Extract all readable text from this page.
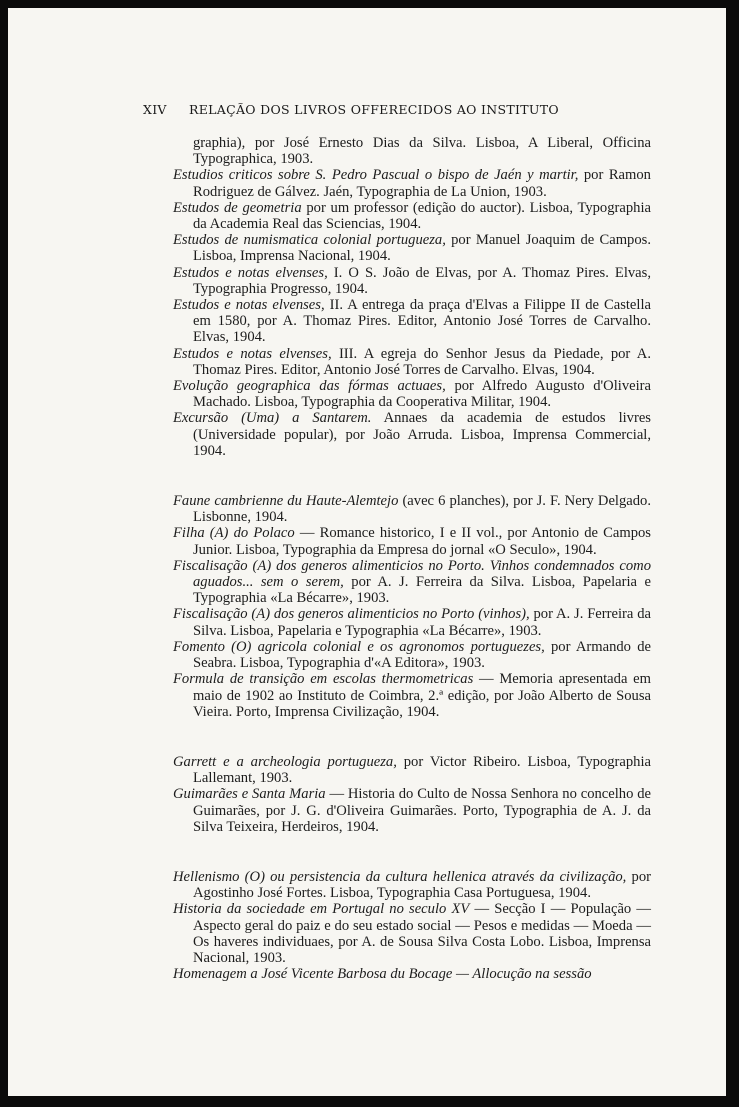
XIV RELAÇÃO DOS LIVROS OFFERECIDOS AO INSTITUTO

graphia), por José Ernesto Dias da Silva. Lisboa, A Liberal, Officina Typographica, 1903.

Estudios criticos sobre S. Pedro Pascual o bispo de Jaén y martir, por Ramon Rodriguez de Gálvez. Jaén, Typographia de La Union, 1903.

Estudos de geometria por um professor (edição do auctor). Lisboa, Typographia da Academia Real das Sciencias, 1904.

Estudos de numismatica colonial portugueza, por Manuel Joaquim de Campos. Lisboa, Imprensa Nacional, 1904.

Estudos e notas elvenses, I. O S. João de Elvas, por A. Thomaz Pires. Elvas, Typographia Progresso, 1904.

Estudos e notas elvenses, II. A entrega da praça d'Elvas a Filippe II de Castella em 1580, por A. Thomaz Pires. Editor, Antonio José Torres de Carvalho. Elvas, 1904.

Estudos e notas elvenses, III. A egreja do Senhor Jesus da Piedade, por A. Thomaz Pires. Editor, Antonio José Torres de Carvalho. Elvas, 1904.

Evolução geographica das fórmas actuaes, por Alfredo Augusto d'Oliveira Machado. Lisboa, Typographia da Cooperativa Militar, 1904.

Excursão (Uma) a Santarem. Annaes da academia de estudos livres (Universidade popular), por João Arruda. Lisboa, Imprensa Commercial, 1904.

Faune cambrienne du Haute-Alemtejo (avec 6 planches), por J. F. Nery Delgado. Lisbonne, 1904.

Filha (A) do Polaco — Romance historico, I e II vol., por Antonio de Campos Junior. Lisboa, Typographia da Empresa do jornal «O Seculo», 1904.

Fiscalisação (A) dos generos alimenticios no Porto. Vinhos condemnados como aguados... sem o serem, por A. J. Ferreira da Silva. Lisboa, Papelaria e Typographia «La Bécarre», 1903.

Fiscalisação (A) dos generos alimenticios no Porto (vinhos), por A. J. Ferreira da Silva. Lisboa, Papelaria e Typographia «La Bécarre», 1903.

Fomento (O) agricola colonial e os agronomos portuguezes, por Armando de Seabra. Lisboa, Typographia d'«A Editora», 1903.

Formula de transição em escolas thermometricas — Memoria apresentada em maio de 1902 ao Instituto de Coimbra, 2.ª edição, por João Alberto de Sousa Vieira. Porto, Imprensa Civilização, 1904.

Garrett e a archeologia portugueza, por Victor Ribeiro. Lisboa, Typographia Lallemant, 1903.

Guimarães e Santa Maria — Historia do Culto de Nossa Senhora no concelho de Guimarães, por J. G. d'Oliveira Guimarães. Porto, Typographia de A. J. da Silva Teixeira, Herdeiros, 1904.

Hellenismo (O) ou persistencia da cultura hellenica através da civilização, por Agostinho José Fortes. Lisboa, Typographia Casa Portuguesa, 1904.

Historia da sociedade em Portugal no seculo XV — Secção I — População — Aspecto geral do paiz e do seu estado social — Pesos e medidas — Moeda — Os haveres individuaes, por A. de Sousa Silva Costa Lobo. Lisboa, Imprensa Nacional, 1903.

Homenagem a José Vicente Barbosa du Bocage — Allocução na sessão
